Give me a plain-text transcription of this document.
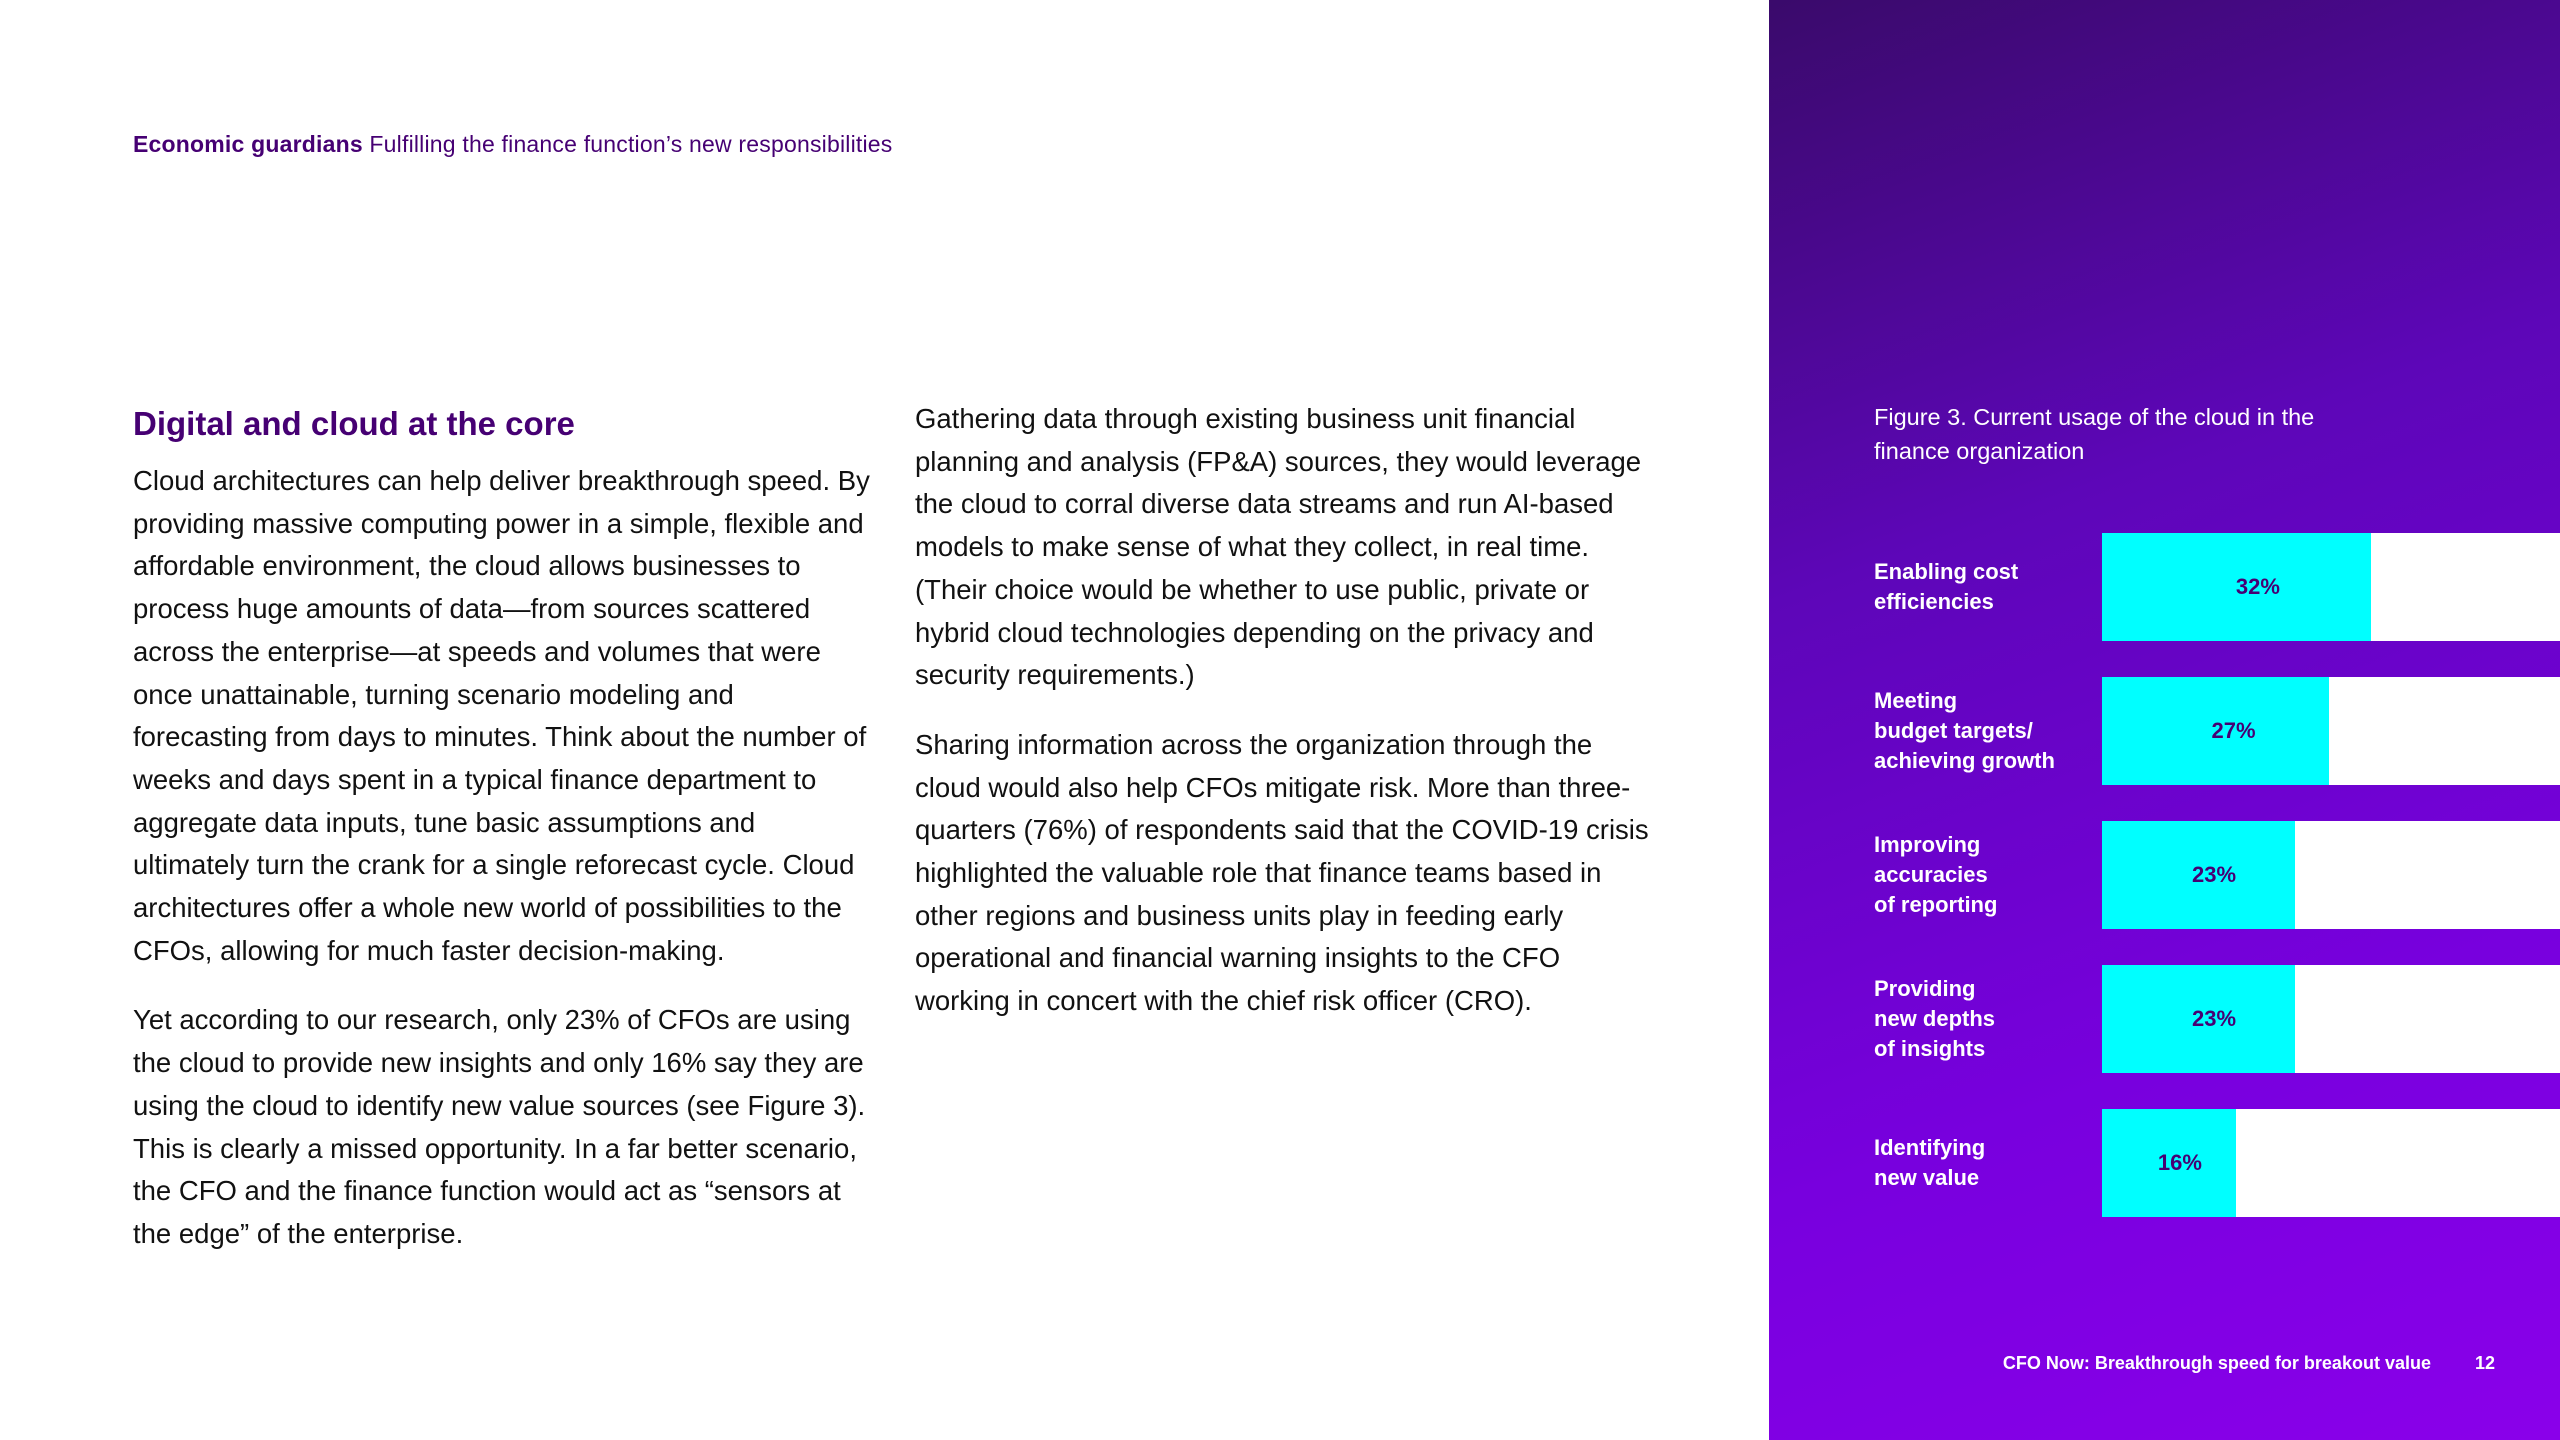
Economic guardians Fulfilling the finance function’s new responsibilities
Digital and cloud at the core

Cloud architectures can help deliver breakthrough speed. By providing massive computing power in a simple, flexible and affordable environment, the cloud allows businesses to process huge amounts of data—from sources scattered across the enterprise—at speeds and volumes that were once unattainable, turning scenario modeling and forecasting from days to minutes. Think about the number of weeks and days spent in a typical finance department to aggregate data inputs, tune basic assumptions and ultimately turn the crank for a single reforecast cycle. Cloud architectures offer a whole new world of possibilities to the CFOs, allowing for much faster decision-making.

Yet according to our research, only 23% of CFOs are using the cloud to provide new insights and only 16% say they are using the cloud to identify new value sources (see Figure 3). This is clearly a missed opportunity. In a far better scenario, the CFO and the finance function would act as “sensors at the edge” of the enterprise.

Gathering data through existing business unit financial planning and analysis (FP&A) sources, they would leverage the cloud to corral diverse data streams and run AI-based models to make sense of what they collect, in real time. (Their choice would be whether to use public, private or hybrid cloud technologies depending on the privacy and security requirements.)

Sharing information across the organization through the cloud would also help CFOs mitigate risk. More than three-quarters (76%) of respondents said that the COVID-19 crisis highlighted the valuable role that finance teams based in other regions and business units play in feeding early operational and financial warning insights to the CFO working in concert with the chief risk officer (CRO).

Figure 3. Current usage of the cloud in the finance organization
Enabling cost
efficiencies
32%
Meeting
budget targets/
achieving growth
27%
Improving
accuracies
of reporting
23%
Providing
new depths
of insights
23%
Identifying
new value
16%
CFO Now: Breakthrough speed for breakout value 12
